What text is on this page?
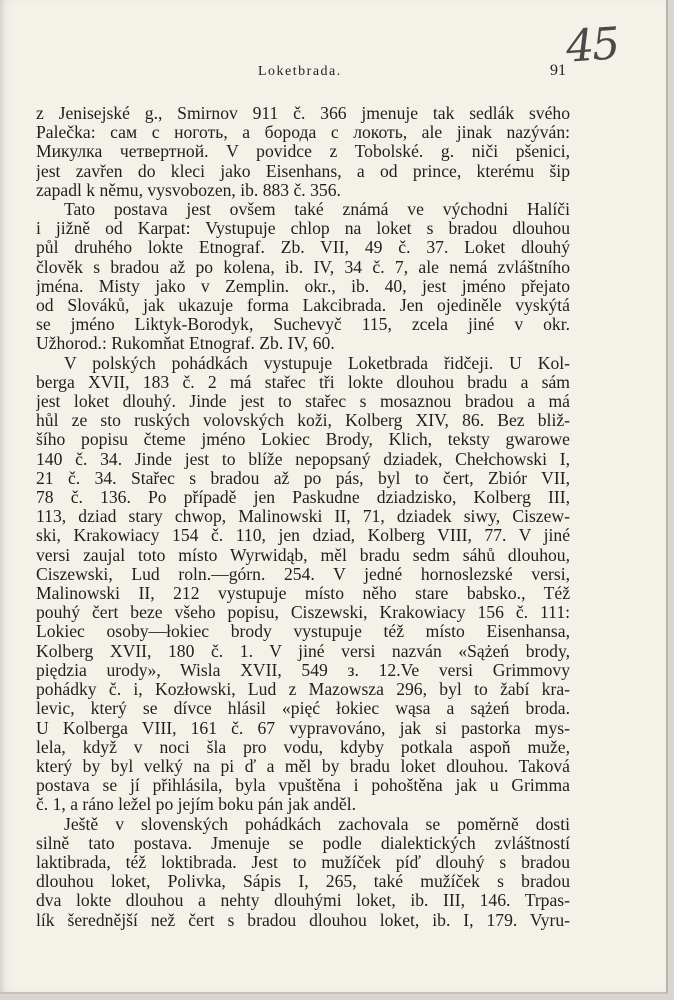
45
Loketbrada.	91
z Jenisejské g., Smirnov 911 č. 366 jmenuje tak sedlák svého
Palečka: сам с ноготь, а борода с локоть, ale jinak nazýván:
Микулка четвертной. V povidce z Tobolské. g. niči pšenici,
jest zavřen do kleci jako Eisenhans, a od prince, kterému šip
zapadl k němu, vysvobozen, ib. 883 č. 356.
Tato postava jest ovšem také známá ve východni Halíči
i jižně od Karpat: Vystupuje chlop na loket s bradou dlouhou
půl druhého lokte Etnograf. Zb. VII, 49 č. 37. Loket dlouhý
člověk s bradou až po kolena, ib. IV, 34 č. 7, ale nemá zvláštního
jména. Misty jako v Zemplin. okr., ib. 40, jest jméno přejato
od Slováků, jak ukazuje forma Lakcibrada. Jen ojediněle vyskýtá
se jméno Liktyk-Borodyk, Suchevyč 115, zcela jiné v okr.
Užhorod.: Rukomňat Etnograf. Zb. IV, 60.
V polských pohádkách vystupuje Loketbrada řidčeji. U Kol-
berga XVII, 183 č. 2 má stařec tři lokte dlouhou bradu a sám
jest loket dlouhý. Jinde jest to stařec s mosaznou bradou a má
hůl ze sto ruských volovských koži, Kolberg XIV, 86. Bez bliž-
šího popisu čteme jméno Lokiec Brody, Klich, teksty gwarowe
140 č. 34. Jinde jest to blíže nepopsaný dziadek, Chełchowski I,
21 č. 34. Stařec s bradou až po pás, byl to čert, Zbiór VII,
78 č. 136. Po případě jen Paskudne dziadzisko, Kolberg III,
113, dziad stary chwop, Malinowski II, 71, dziadek siwy, Ciszew-
ski, Krakowiacy 154 č. 110, jen dziad, Kolberg VIII, 77. V jiné
versi zaujal toto místo Wyrwidąb, měl bradu sedm sáhů dlouhou,
Ciszewski, Lud roln.—górn. 254. V jedné hornoslezské versi,
Malinowski II, 212 vystupuje místo něho stare babsko., Též
pouhý čert beze všeho popisu, Ciszewski, Krakowiacy 156 č. 111:
Lokiec osoby—łokiec brody vystupuje též místo Eisenhansa,
Kolberg XVII, 180 č. 1. V jiné versi nazván «Sążeń brody,
piędzia urody», Wisla XVII, 549 з. 12.Ve versi Grimmovy
pohádky č. i, Kozłowski, Lud z Mazowsza 296, byl to žabí kra-
levic, který se dívce hlásil «pięć łokiec wąsa a sążeń broda.
U Kolberga VIII, 161 č. 67 vypravováno, jak si pastorka mys-
lela, když v noci šla pro vodu, kdyby potkala aspoň muže,
který by byl velký na pi ď a měl by bradu loket dlouhou. Taková
postava se jí přihlásila, byla vpuštěna i pohoštěna jak u Grimma
č. 1, a ráno ležel po jejím boku pán jak anděl.
Ještě v slovenských pohádkách zachovala se poměrně dosti
silně tato postava. Jmenuje se podle dialektických zvláštností
laktibrada, též loktibrada. Jest to mužíček píď dlouhý s bradou
dlouhou loket, Polivka, Sápis I, 265, také mužíček s bradou
dva lokte dlouhou a nehty dlouhými loket, ib. III, 146. Trpas-
lík šerednější než čert s bradou dlouhou loket, ib. I, 179. Vyru-
